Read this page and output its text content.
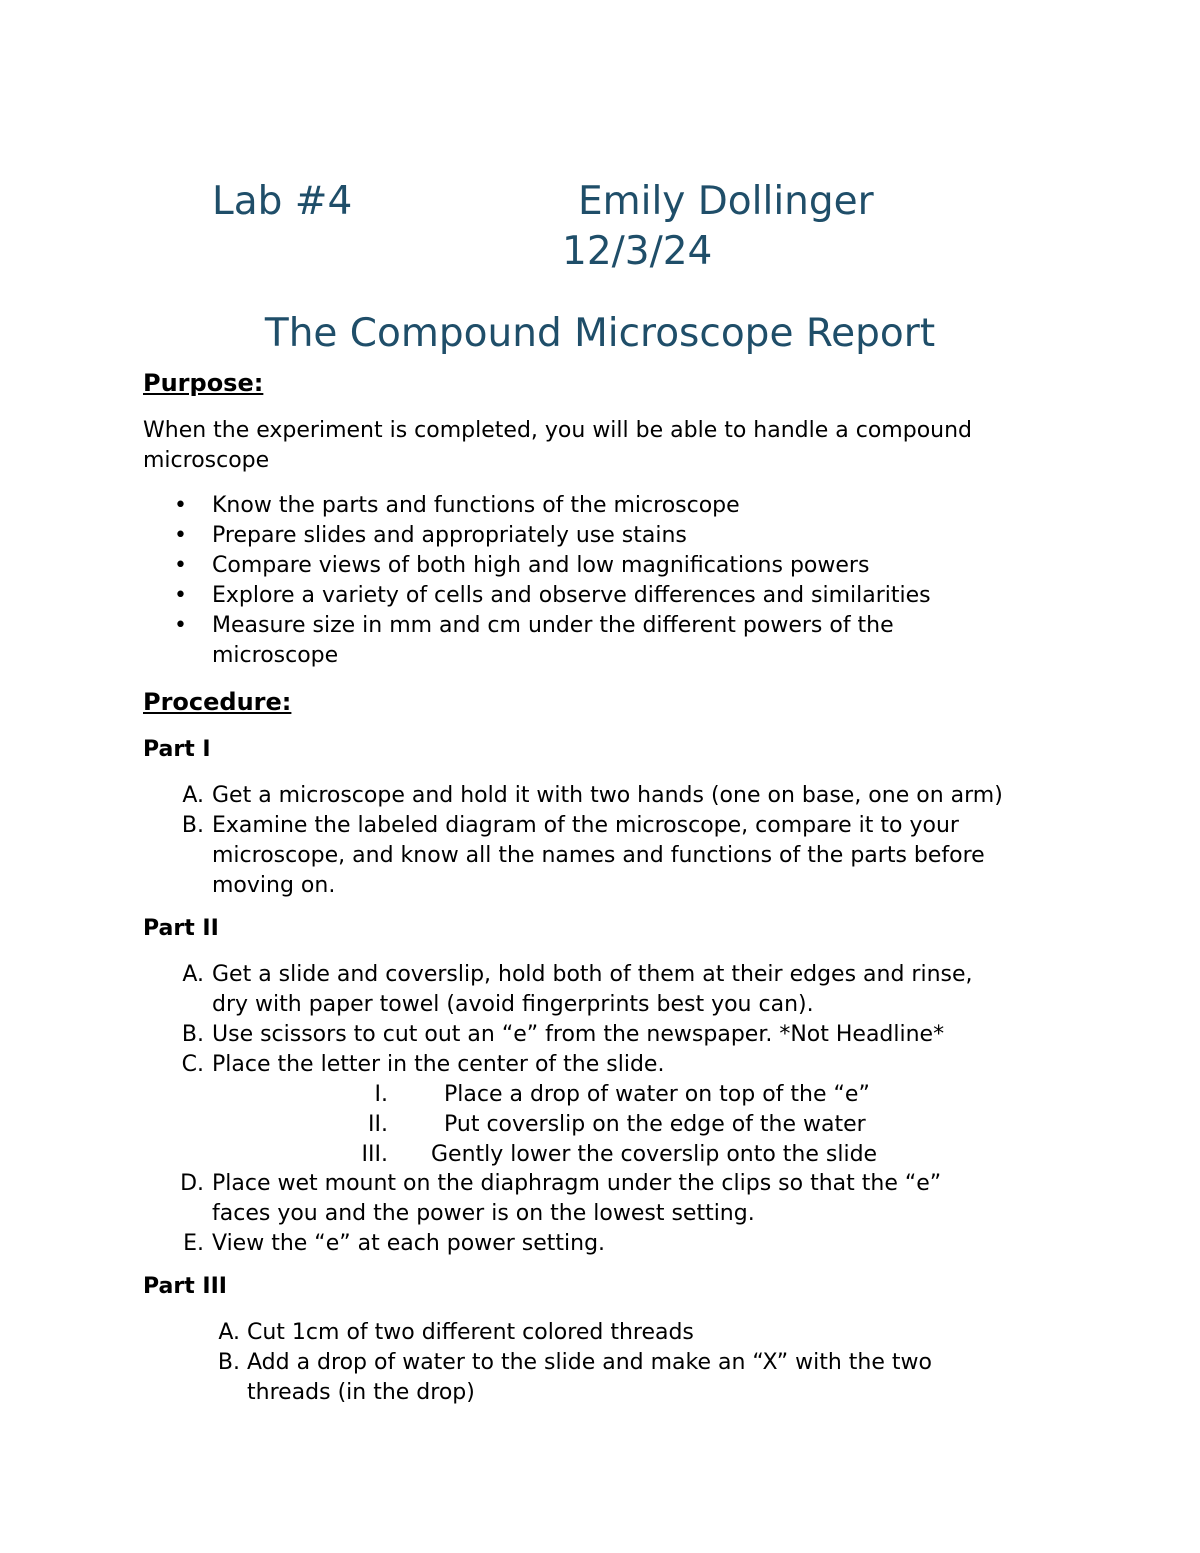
Lab #4	Emily Dollinger
12/3/24
The Compound Microscope Report
Purpose:
When the experiment is completed, you will be able to handle a compound
microscope
• Know the parts and functions of the microscope
• Prepare slides and appropriately use stains
• Compare views of both high and low magnifications powers
• Explore a variety of cells and observe differences and similarities
• Measure size in mm and cm under the different powers of the
microscope
Procedure:
Part I
A. Get a microscope and hold it with two hands (one on base, one on arm)
B. Examine the labeled diagram of the microscope, compare it to your
microscope, and know all the names and functions of the parts before
moving on.
Part II
A. Get a slide and coverslip, hold both of them at their edges and rinse,
dry with paper towel (avoid fingerprints best you can).
B. Use scissors to cut out an “e” from the newspaper. *Not Headline*
C. Place the letter in the center of the slide.
I.	Place a drop of water on top of the “e”
II.	Put coverslip on the edge of the water
III. Gently lower the coverslip onto the slide
D. Place wet mount on the diaphragm under the clips so that the “e”
faces you and the power is on the lowest setting.
E. View the “e” at each power setting.
Part III
A. Cut 1cm of two different colored threads
B. Add a drop of water to the slide and make an “X” with the two
threads (in the drop)
